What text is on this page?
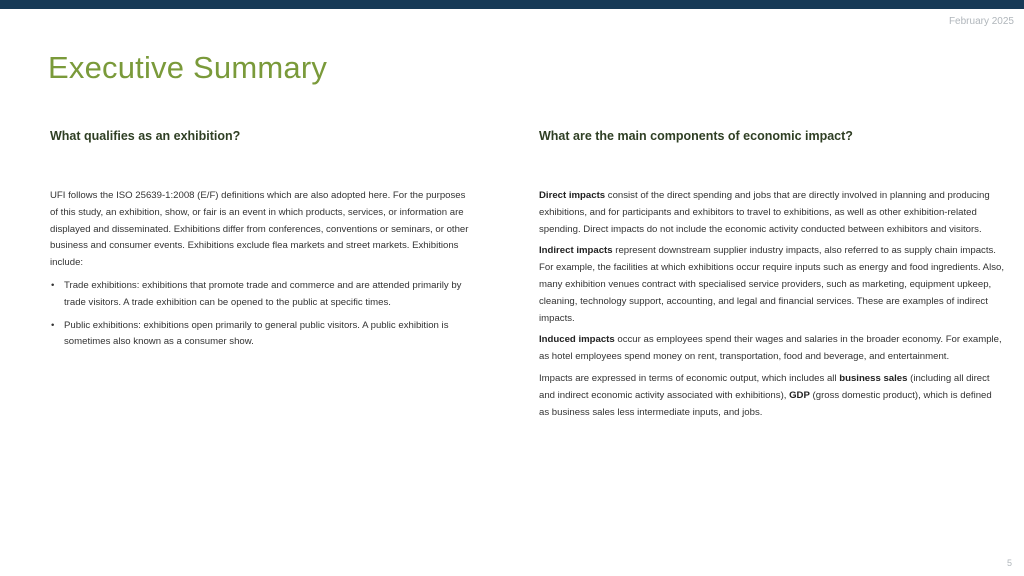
February 2025
Executive Summary
What qualifies as an exhibition?

UFI follows the ISO 25639-1:2008 (E/F) definitions which are also adopted here. For the purposes of this study, an exhibition, show, or fair is an event in which products, services, or information are displayed and disseminated. Exhibitions differ from conferences, conventions or seminars, or other business and consumer events. Exhibitions exclude flea markets and street markets. Exhibitions include:

• Trade exhibitions: exhibitions that promote trade and commerce and are attended primarily by trade visitors. A trade exhibition can be opened to the public at specific times.
• Public exhibitions: exhibitions open primarily to general public visitors. A public exhibition is sometimes also known as a consumer show.
What are the main components of economic impact?

Direct impacts consist of the direct spending and jobs that are directly involved in planning and producing exhibitions, and for participants and exhibitors to travel to exhibitions, as well as other exhibition-related spending. Direct impacts do not include the economic activity conducted between exhibitors and visitors.

Indirect impacts represent downstream supplier industry impacts, also referred to as supply chain impacts. For example, the facilities at which exhibitions occur require inputs such as energy and food ingredients. Also, many exhibition venues contract with specialised service providers, such as marketing, equipment upkeep, cleaning, technology support, accounting, and legal and financial services. These are examples of indirect impacts.

Induced impacts occur as employees spend their wages and salaries in the broader economy. For example, as hotel employees spend money on rent, transportation, food and beverage, and entertainment.

Impacts are expressed in terms of economic output, which includes all business sales (including all direct and indirect economic activity associated with exhibitions), GDP (gross domestic product), which is defined as business sales less intermediate inputs, and jobs.

5
